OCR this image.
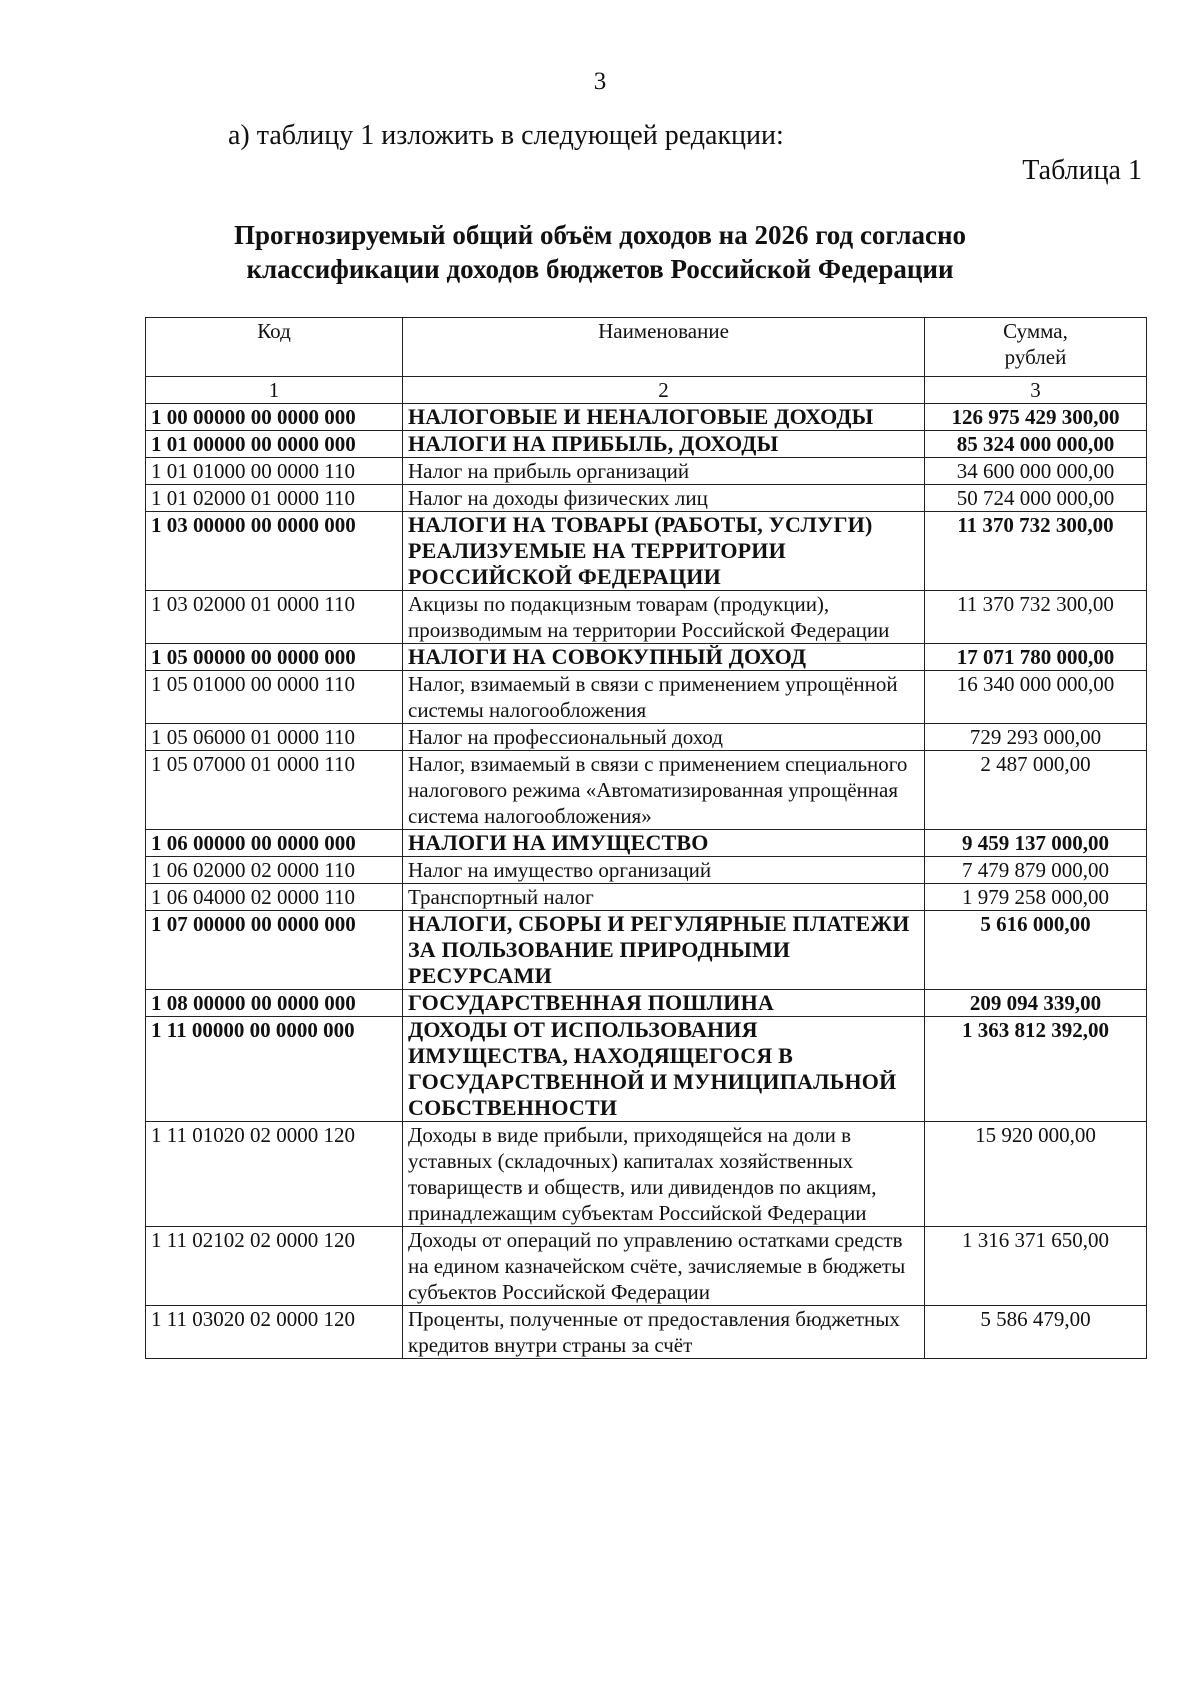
3
а) таблицу 1 изложить в следующей редакции:
Таблица 1
Прогнозируемый общий объём доходов на 2026 год согласно
классификации доходов бюджетов Российской Федерации
Код	Наименование	Сумма,
рублей

1	2	3
1 00 00000 00 0000 000	НАЛОГОВЫЕ И НЕНАЛОГОВЫЕ ДОХОДЫ	126 975 429 300,00
1 01 00000 00 0000 000	НАЛОГИ НА ПРИБЫЛЬ, ДОХОДЫ	85 324 000 000,00
1 01 01000 00 0000 110	Налог на прибыль организаций	34 600 000 000,00
1 01 02000 01 0000 110	Налог на доходы физических лиц	50 724 000 000,00
1 03 00000 00 0000 000	НАЛОГИ НА ТОВАРЫ (РАБОТЫ, УСЛУГИ) РЕАЛИЗУЕМЫЕ НА ТЕРРИТОРИИ РОССИЙСКОЙ ФЕДЕРАЦИИ	11 370 732 300,00
1 03 02000 01 0000 110	Акцизы по подакцизным товарам (продукции), производимым на территории Российской Федерации	11 370 732 300,00
1 05 00000 00 0000 000	НАЛОГИ НА СОВОКУПНЫЙ ДОХОД	17 071 780 000,00
1 05 01000 00 0000 110	Налог, взимаемый в связи с применением упрощённой системы налогообложения	16 340 000 000,00
1 05 06000 01 0000 110	Налог на профессиональный доход	729 293 000,00
1 05 07000 01 0000 110	Налог, взимаемый в связи с применением специального налогового режима «Автоматизированная упрощённая система налогообложения»	2 487 000,00
1 06 00000 00 0000 000	НАЛОГИ НА ИМУЩЕСТВО	9 459 137 000,00
1 06 02000 02 0000 110	Налог на имущество организаций	7 479 879 000,00
1 06 04000 02 0000 110	Транспортный налог	1 979 258 000,00
1 07 00000 00 0000 000	НАЛОГИ, СБОРЫ И РЕГУЛЯРНЫЕ ПЛАТЕЖИ ЗА ПОЛЬЗОВАНИЕ ПРИРОДНЫМИ РЕСУРСАМИ	5 616 000,00
1 08 00000 00 0000 000	ГОСУДАРСТВЕННАЯ ПОШЛИНА	209 094 339,00
1 11 00000 00 0000 000	ДОХОДЫ ОТ ИСПОЛЬЗОВАНИЯ ИМУЩЕСТВА, НАХОДЯЩЕГОСЯ В ГОСУДАРСТВЕННОЙ И МУНИЦИПАЛЬНОЙ СОБСТВЕННОСТИ	1 363 812 392,00
1 11 01020 02 0000 120	Доходы в виде прибыли, приходящейся на доли в уставных (складочных) капиталах хозяйственных товариществ и обществ, или дивидендов по акциям, принадлежащим субъектам Российской Федерации	15 920 000,00
1 11 02102 02 0000 120	Доходы от операций по управлению остатками средств на едином казначейском счёте, зачисляемые в бюджеты субъектов Российской Федерации	1 316 371 650,00
1 11 03020 02 0000 120	Проценты, полученные от предоставления бюджетных кредитов внутри страны за счёт	5 586 479,00
